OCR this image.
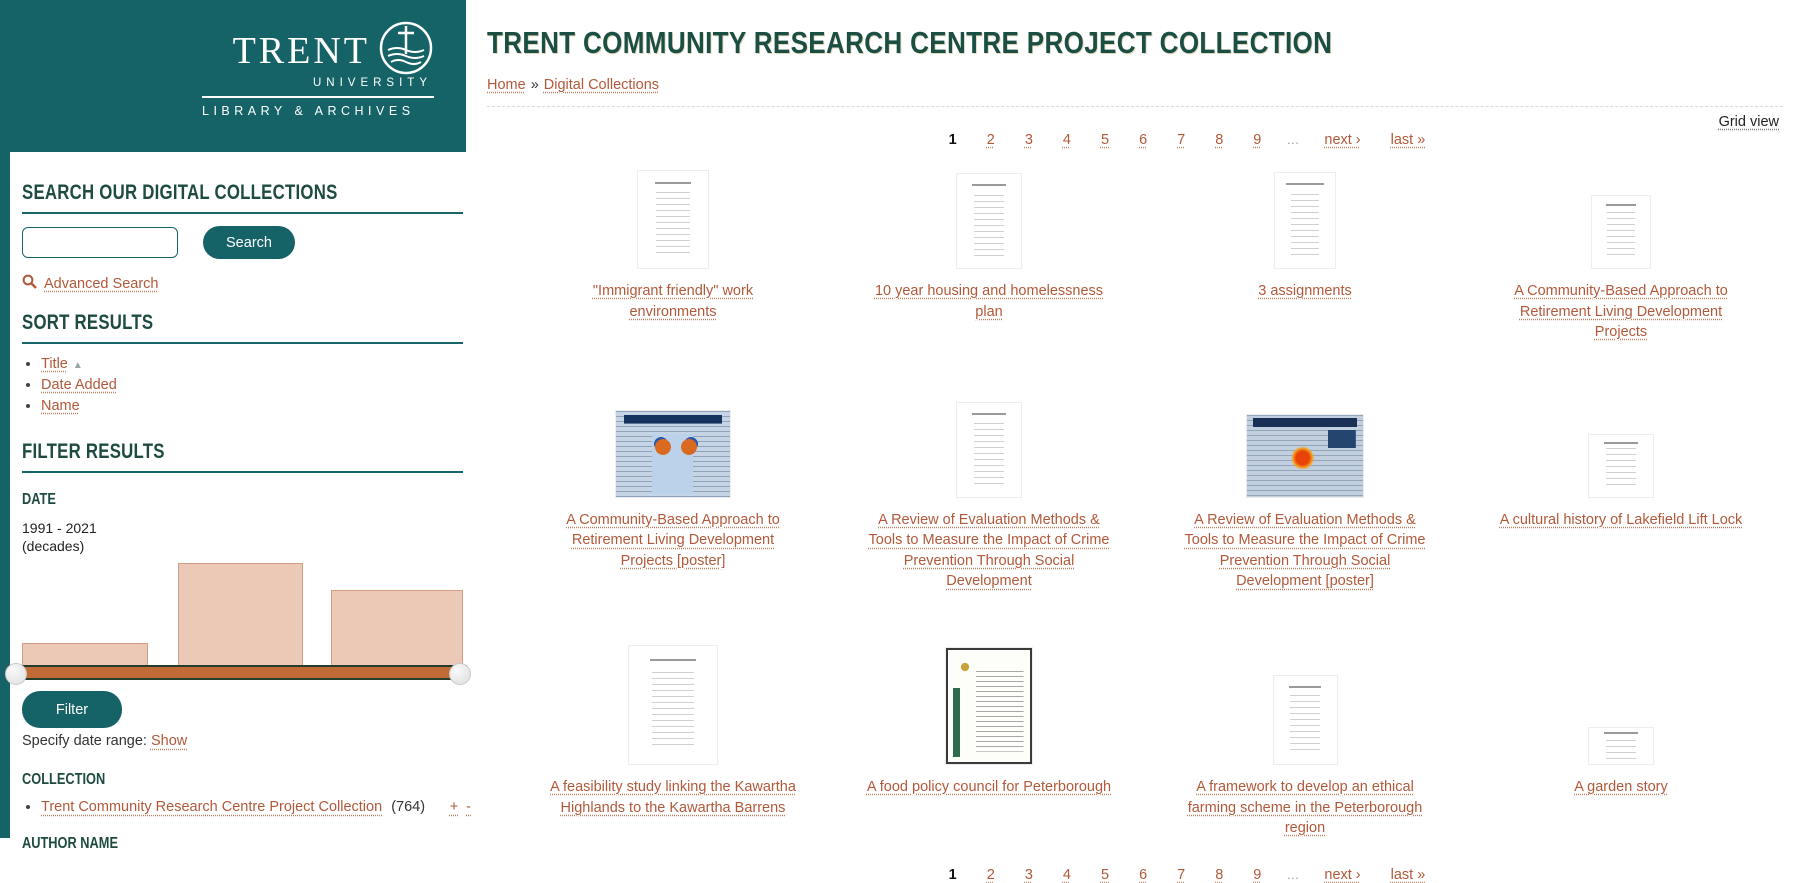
TRENT
UNIVERSITY
LIBRARY & ARCHIVES
SEARCH OUR DIGITAL COLLECTIONS
Search
Advanced Search
SORT RESULTS
• Title ▲
• Date Added
• Name
FILTER RESULTS
DATE
1991 - 2021
(decades)
Filter
Specify date range: Show
COLLECTION
• Trent Community Research Centre Project Collection (764) + -
AUTHOR NAME
TRENT COMMUNITY RESEARCH CENTRE PROJECT COLLECTION
Home » Digital Collections
Grid view
1 2 3 4 5 6 7 8 9 … next › last »
"Immigrant friendly" work environments
10 year housing and homelessness plan
3 assignments	A Community-Based Approach to Retirement Living Development Projects
A Community-Based Approach to Retirement Living Development Projects [poster]
A Review of Evaluation Methods & Tools to Measure the Impact of Crime Prevention Through Social Development
A Review of Evaluation Methods & Tools to Measure the Impact of Crime Prevention Through Social Development [poster]
A cultural history of Lakefield Lift Lock
A feasibility study linking the Kawartha Highlands to the Kawartha Barrens
A food policy council for Peterborough	A framework to develop an ethical farming scheme in the Peterborough region
A garden story
1 2 3 4 5 6 7 8 9 … next › last »
